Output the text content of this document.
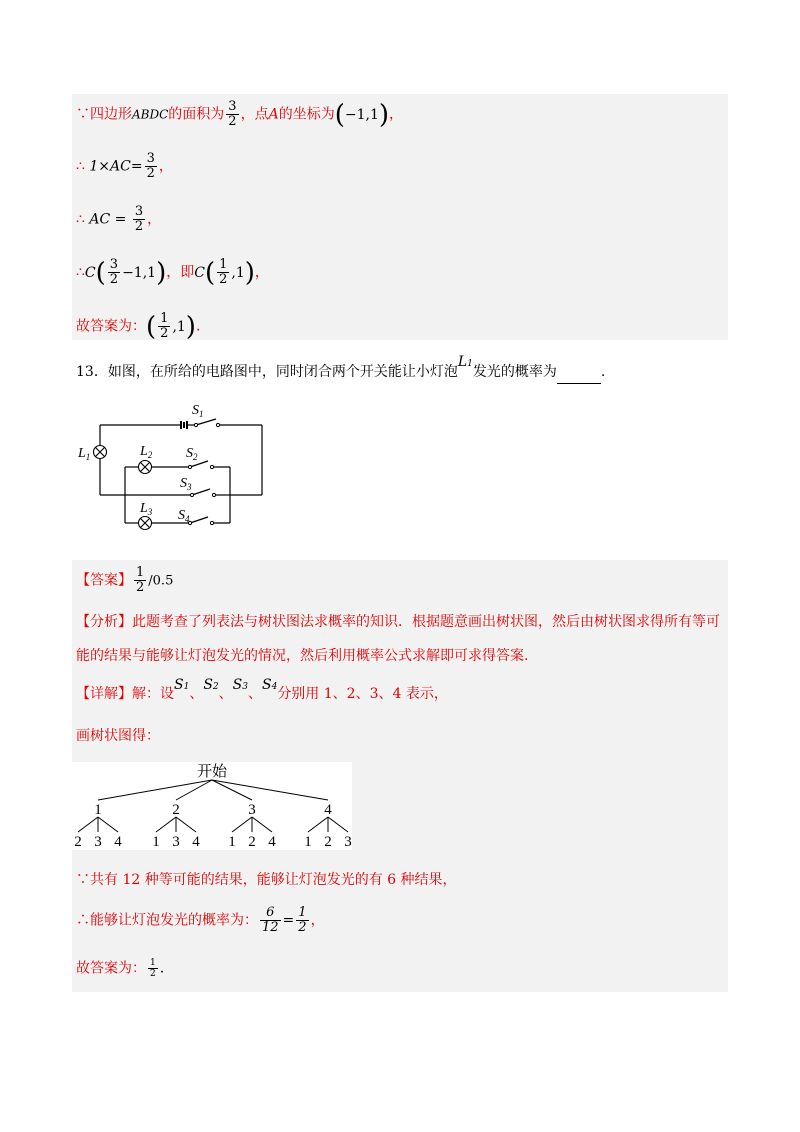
∵四边形ABDC的面积为 $\frac{3}{2}$ ，点A的坐标为(−1,1)，
∴ $1\times AC= \frac{3}{2}$ ，
∴ AC = $\frac{3}{2}$ ，
∴C( $\frac{3}{2} -1,1$)，即$C( \frac{1}{2} ,1)$，
故答案为：( $\frac{1}{2} ,1$).
13．如图，在所给的电路图中，同时闭合两个开关能让小灯泡L1发光的概率为	.
$L_1$	$L_2$
$L_3$
$S_1$
$S_2$
$S_3$
$S_4$
【答案】 $\frac{1}{2} /0.5$
【分析】此题考查了列表法与树状图法求概率的知识．根据题意画出树状图，然后由树状图求得所有等可
能的结果与能够让灯泡发光的情况，然后利用概率公式求解即可求得答案.
【详解】解：设S1、S2、S3、S4分别用 1、2、3、4 表示，
画树状图得：
开始
1
2 3 4
2
1 3 4
3
1 2 4
4
1 2 3
∵共有 12 种等可能的结果，能够让灯泡发光的有 6 种结果，
∴能够让灯泡发光的概率为： $\frac{6}{12} = \frac{1}{2}$ ，
故答案为： $\frac{1}{2}$ .
